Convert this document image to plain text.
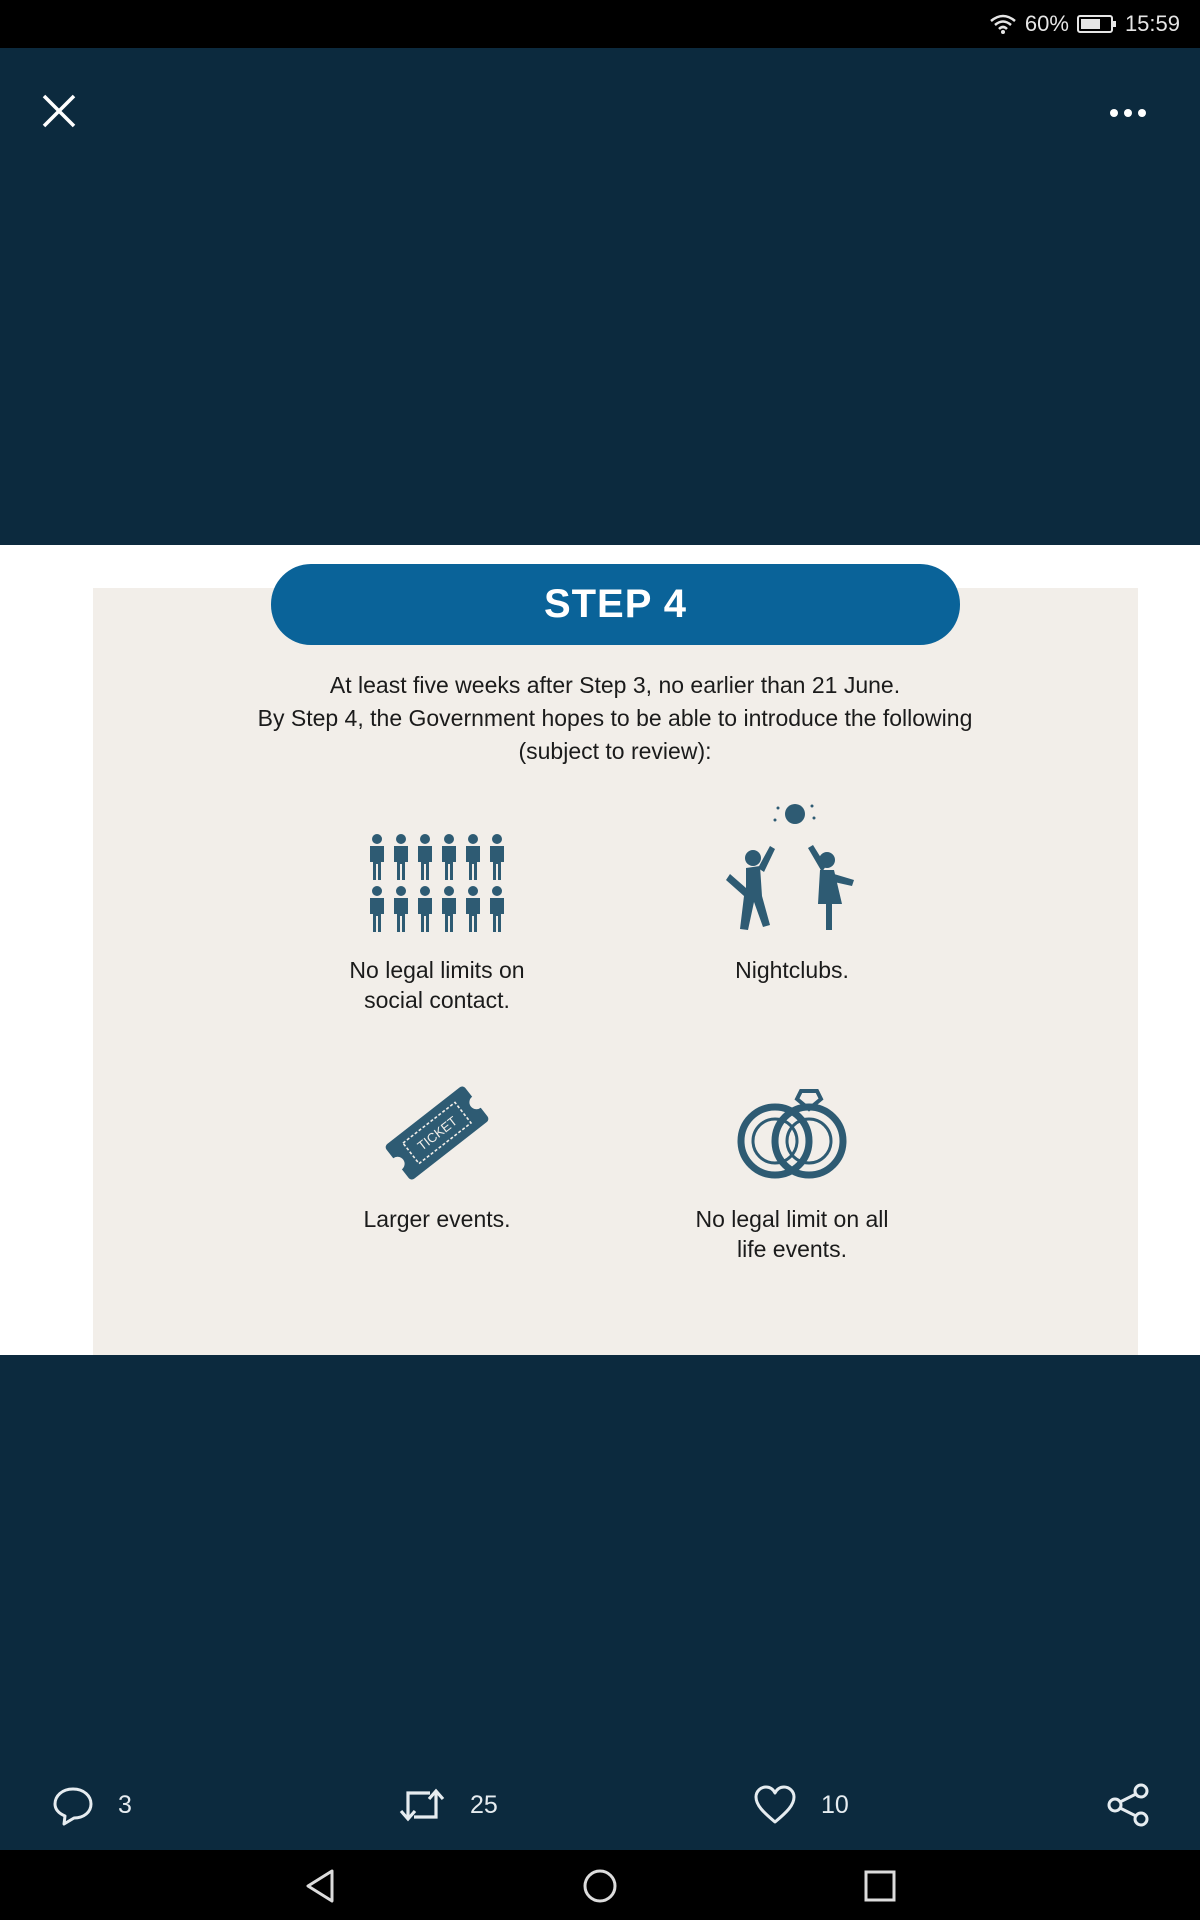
60%	15:59
STEP 4
At least five weeks after Step 3, no earlier than 21 June.
By Step 4, the Government hopes to be able to introduce the following
(subject to review):
No legal limits on
social contact.
Nightclubs.
TICKET
Larger events.	No legal limit on all
life events.
3	25	10
